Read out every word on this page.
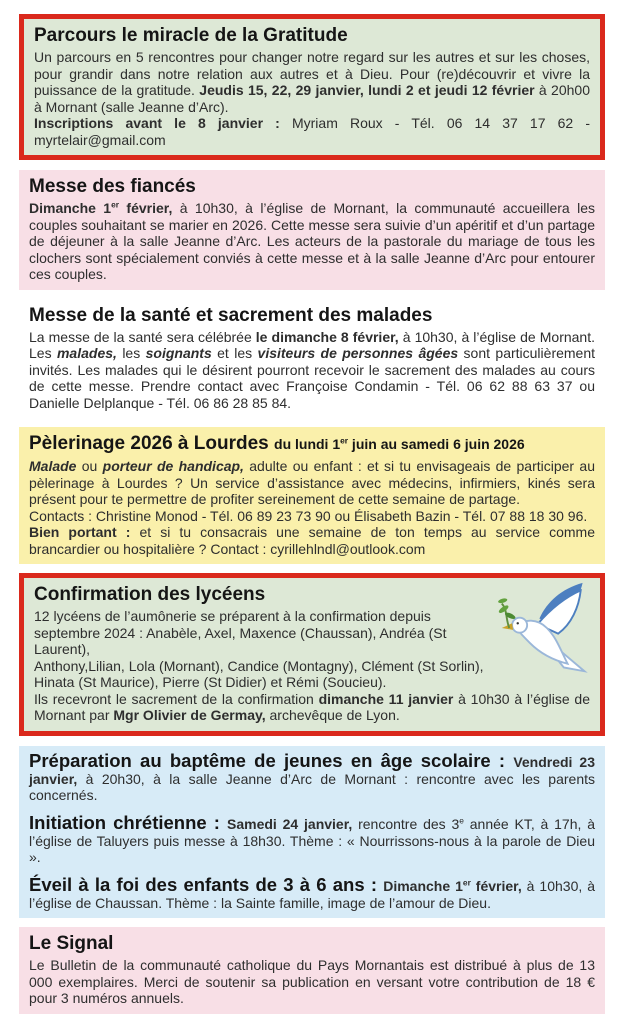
Parcours le miracle de la Gratitude

Un parcours en 5 rencontres pour changer notre regard sur les autres et sur les choses, pour grandir dans notre relation aux autres et à Dieu. Pour (re)découvrir et vivre la puissance de la gratitude. Jeudis 15, 22, 29 janvier, lundi 2 et jeudi 12 février à 20h00 à Mornant (salle Jeanne d’Arc).

Inscriptions avant le 8 janvier : Myriam Roux - Tél. 06 14 37 17 62 - myrtelair@gmail.com

Messe des fiancés

Dimanche 1er février, à 10h30, à l’église de Mornant, la communauté accueillera les couples souhaitant se marier en 2026. Cette messe sera suivie d’un apéritif et d’un partage de déjeuner à la salle Jeanne d’Arc. Les acteurs de la pastorale du mariage de tous les clochers sont spécialement conviés à cette messe et à la salle Jeanne d’Arc pour entourer ces couples.

Messe de la santé et sacrement des malades

La messe de la santé sera célébrée le dimanche 8 février, à 10h30, à l’église de Mornant. Les malades, les soignants et les visiteurs de personnes âgées sont particulièrement invités. Les malades qui le désirent pourront recevoir le sacrement des malades au cours de cette messe. Prendre contact avec Françoise Condamin - Tél. 06 62 88 63 37 ou Danielle Delplanque - Tél. 06 86 28 85 84.

Pèlerinage 2026 à Lourdes du lundi 1er juin au samedi 6 juin 2026

Malade ou porteur de handicap, adulte ou enfant : et si tu envisageais de participer au pèlerinage à Lourdes ? Un service d’assistance avec médecins, infirmiers, kinés sera présent pour te permettre de profiter sereinement de cette semaine de partage.

Contacts : Christine Monod - Tél. 06 89 23 73 90 ou Élisabeth Bazin - Tél. 07 88 18 30 96.

Bien portant : et si tu consacrais une semaine de ton temps au service comme brancardier ou hospitalière ? Contact : cyrillehlndl@outlook.com

Confirmation des lycéens

12 lycéens de l’aumônerie se préparent à la confirmation depuis septembre 2024 : Anabèle, Axel, Maxence (Chaussan), Andréa (St Laurent),
Anthony,Lilian, Lola (Mornant), Candice (Montagny), Clément (St Sorlin),
Hinata (St Maurice), Pierre (St Didier) et Rémi (Soucieu).

Ils recevront le sacrement de la confirmation dimanche 11 janvier à 10h30 à l’église de Mornant par Mgr Olivier de Germay, archevêque de Lyon.

Préparation au baptême de jeunes en âge scolaire : Vendredi 23 janvier, à 20h30, à la salle Jeanne d’Arc de Mornant : rencontre avec les parents concernés.

Initiation chrétienne : Samedi 24 janvier, rencontre des 3e année KT, à 17h, à l’église de Taluyers puis messe à 18h30. Thème : « Nourrissons-nous à la parole de Dieu ».

Éveil à la foi des enfants de 3 à 6 ans : Dimanche 1er février, à 10h30, à l’église de Chaussan. Thème : la Sainte famille, image de l’amour de Dieu.

Le Signal

Le Bulletin de la communauté catholique du Pays Mornantais est distribué à plus de 13 000 exemplaires. Merci de soutenir sa publication en versant votre contribution de 18 € pour 3 numéros annuels.
